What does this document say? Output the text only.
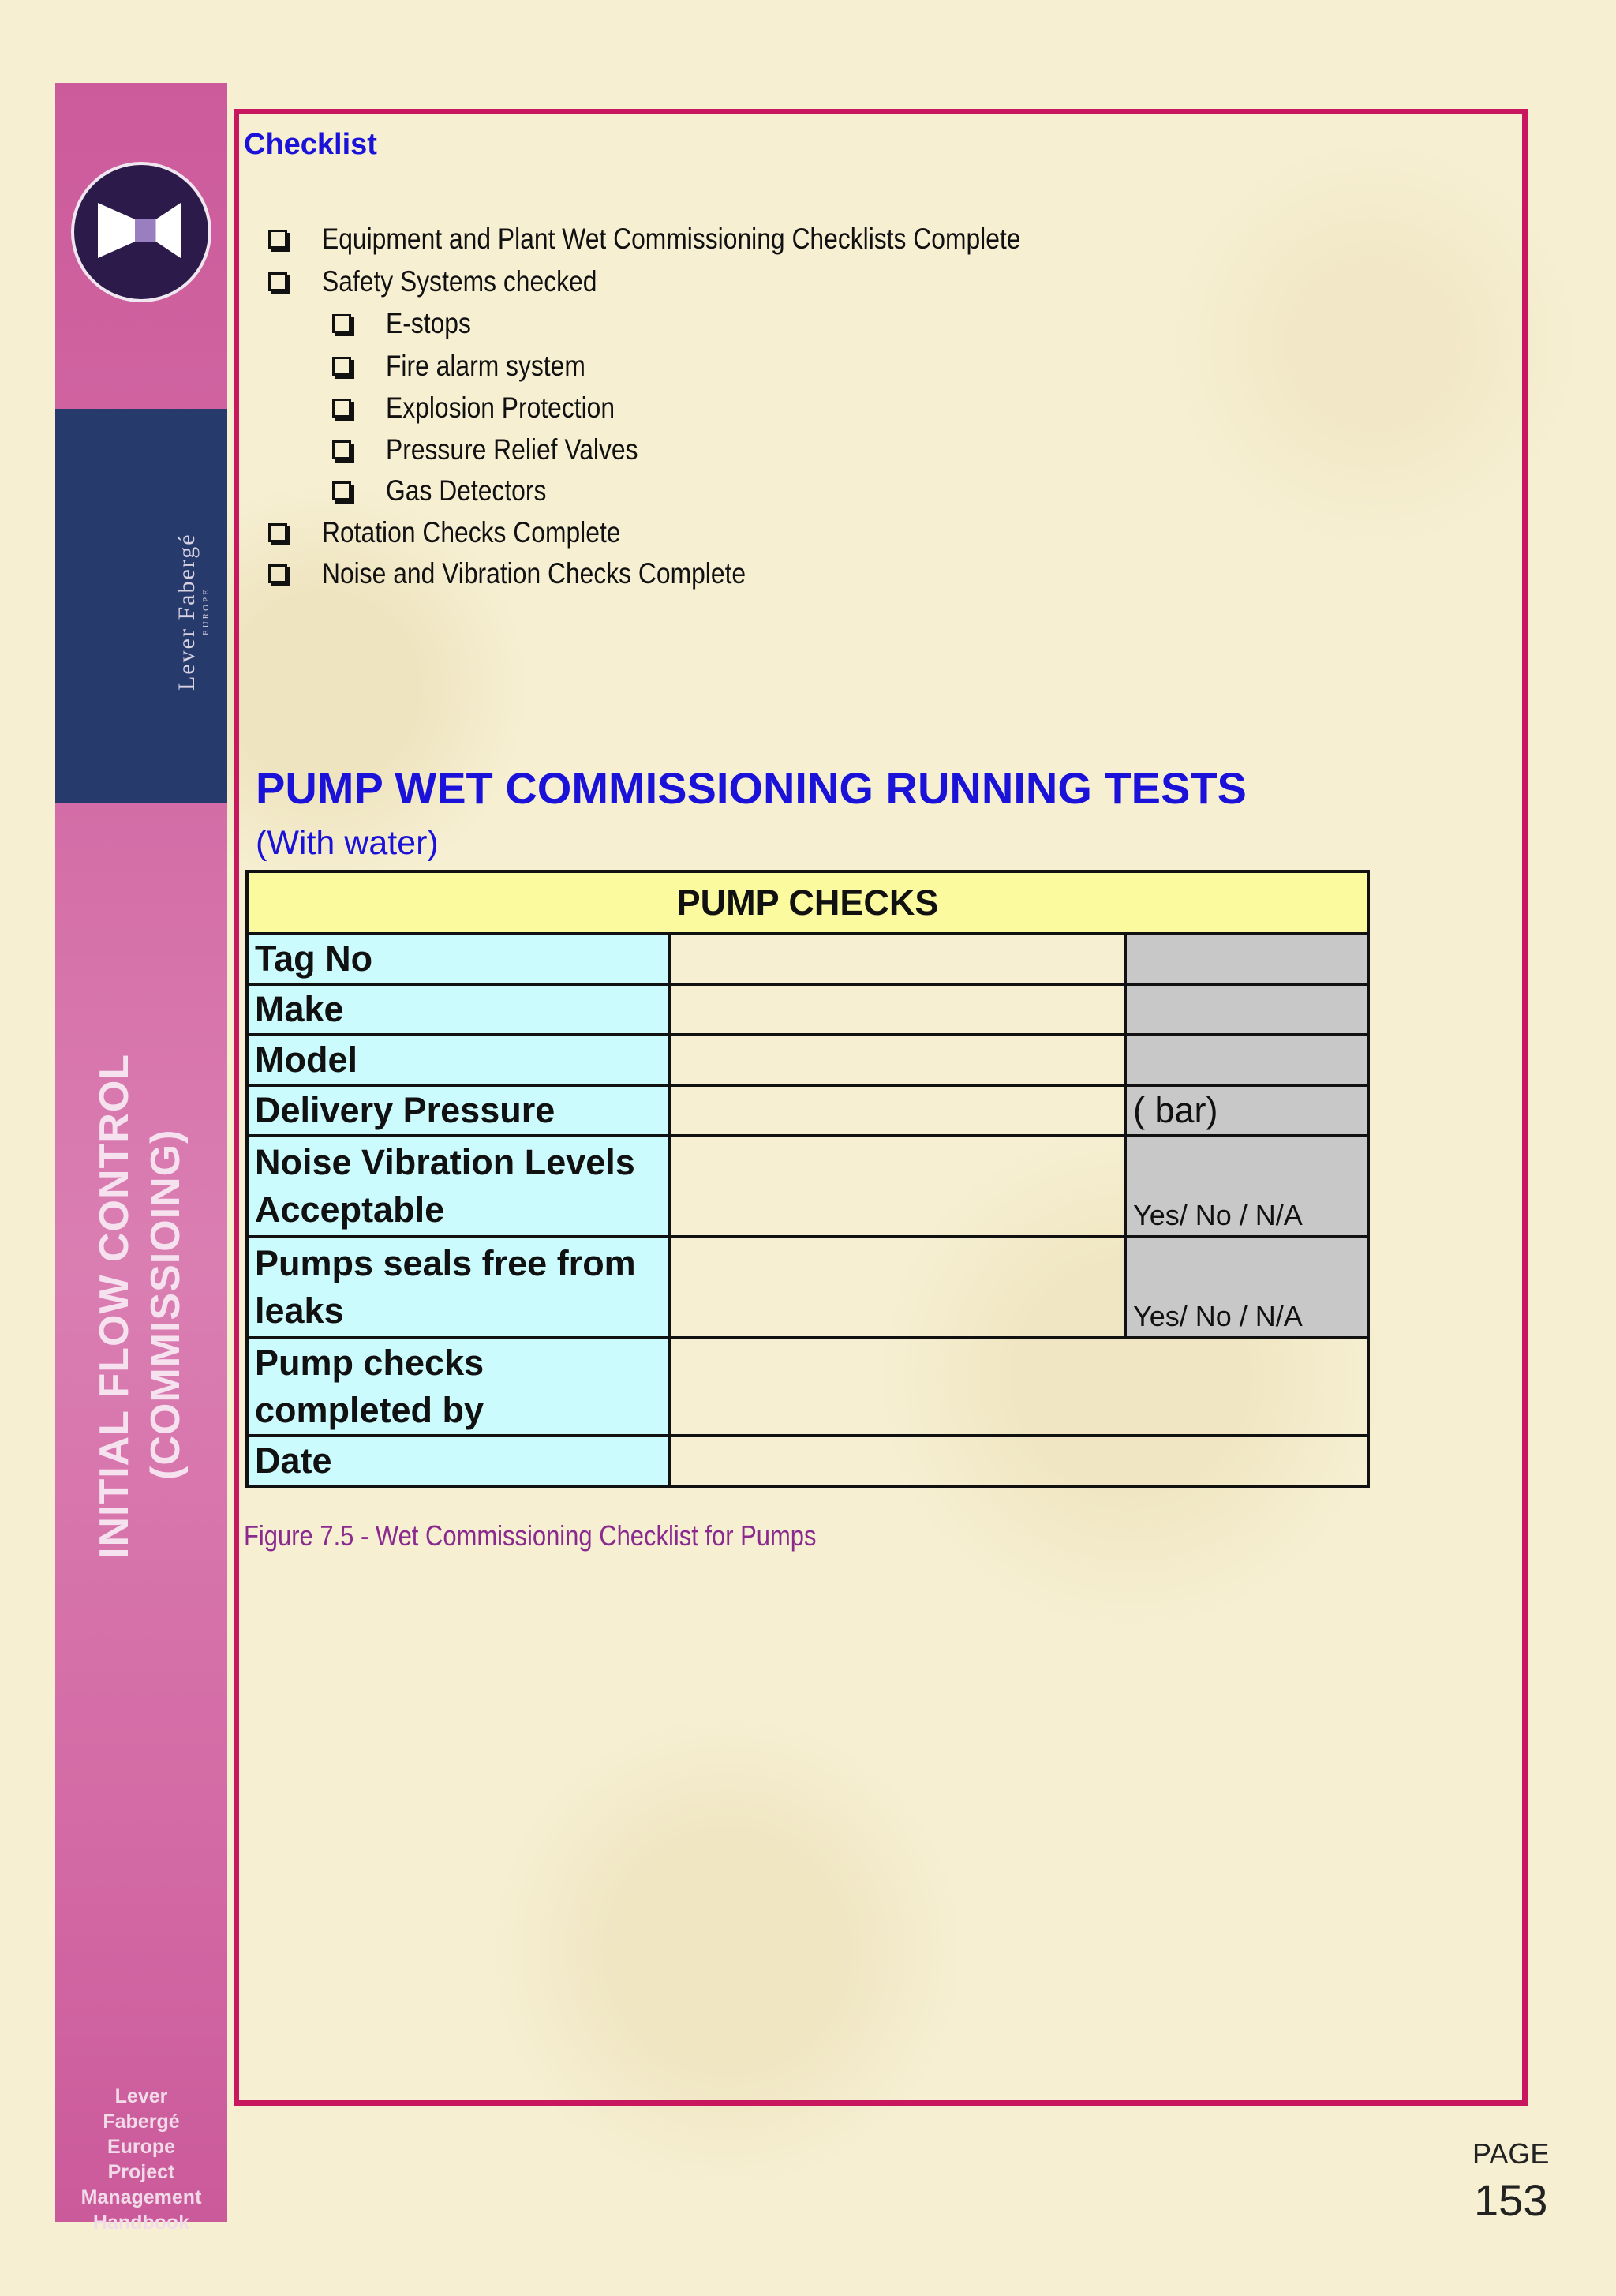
Lever Fabergé EUROPE
INITIAL FLOW CONTROL (COMMISSIOING)
Lever
Fabergé
Europe
Project
Management
Handbook
Checklist
Equipment and Plant Wet Commissioning Checklists Complete
Safety Systems checked
E-stops
Fire alarm system
Explosion Protection
Pressure Relief Valves
Gas Detectors
Rotation Checks Complete
Noise and Vibration Checks Complete
PUMP WET COMMISSIONING RUNNING TESTS
(With water)
PUMP CHECKS		
Tag No		
Make		
Model		
Delivery Pressure		( bar)
Noise Vibration Levels Acceptable		Yes/ No / N/A
Pumps seals free from leaks		Yes/ No / N/A
Pump checks completed by		
Date		
Figure 7.5 - Wet Commissioning Checklist for Pumps
PAGE
153
